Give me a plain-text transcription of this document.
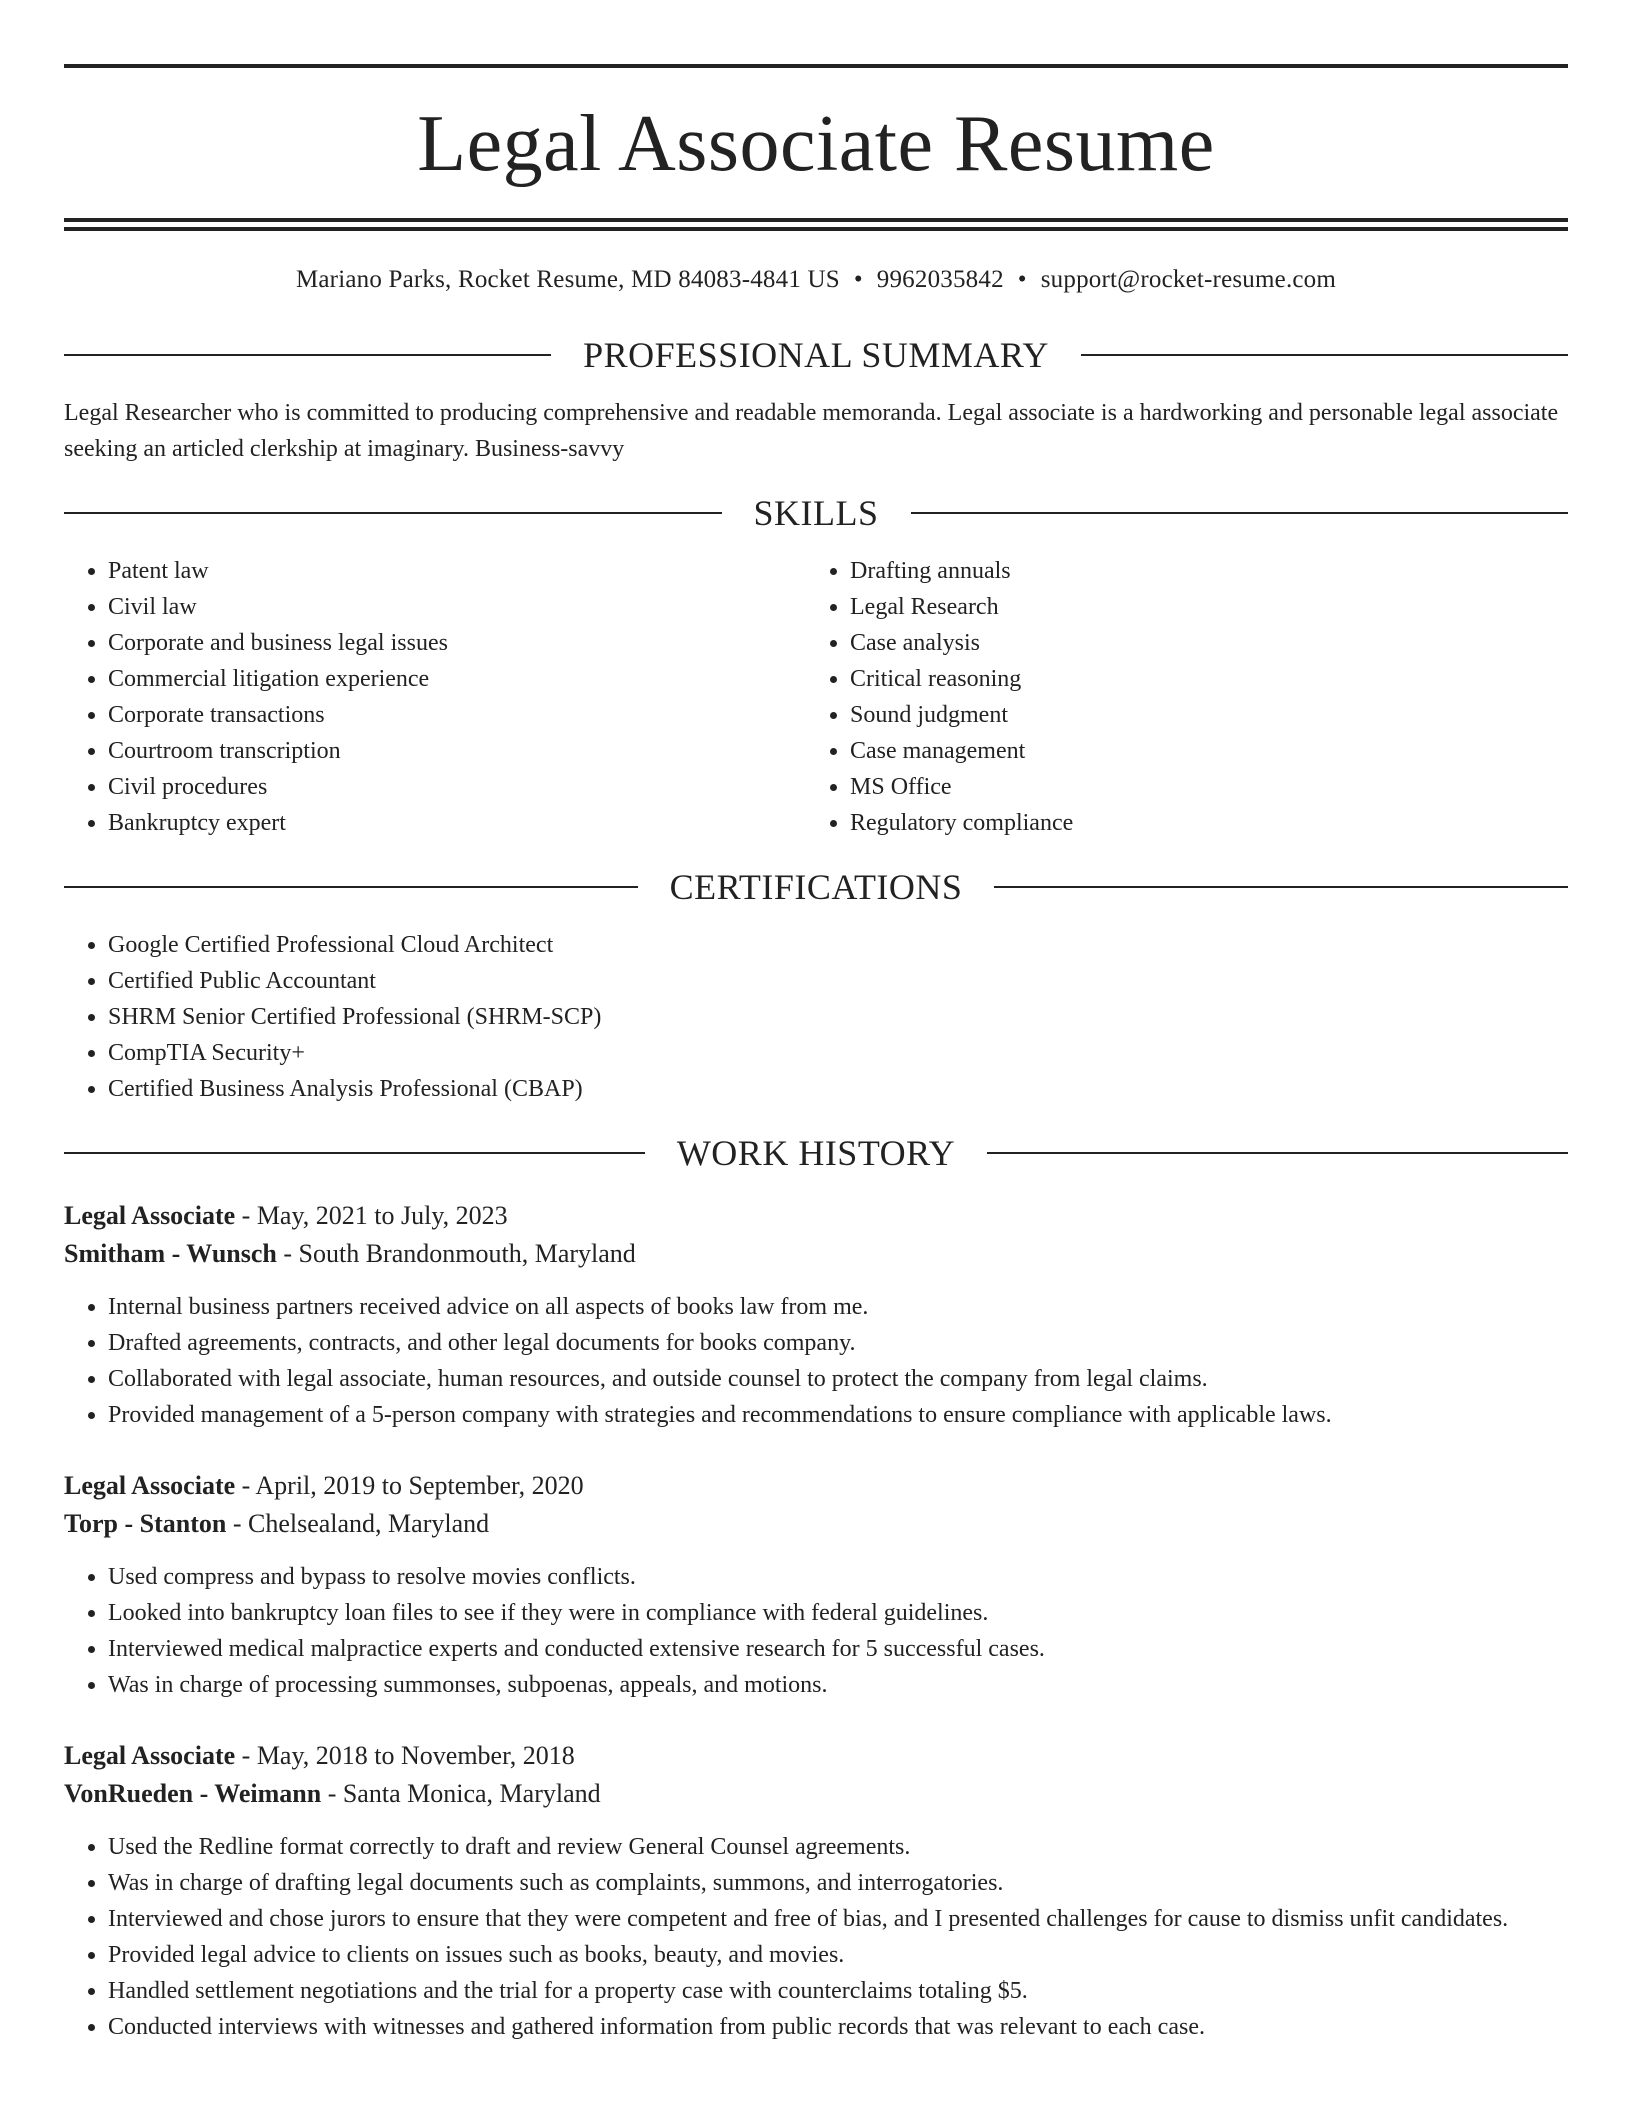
Legal Associate Resume
Mariano Parks, Rocket Resume, MD 84083-4841 US • 9962035842 • support@rocket-resume.com
PROFESSIONAL SUMMARY
Legal Researcher who is committed to producing comprehensive and readable memoranda. Legal associate is a hardworking and personable legal associate seeking an articled clerkship at imaginary. Business-savvy
SKILLS
• Patent law
• Civil law
• Corporate and business legal issues
• Commercial litigation experience
• Corporate transactions
• Courtroom transcription
• Civil procedures
• Bankruptcy expert
• Drafting annuals
• Legal Research
• Case analysis
• Critical reasoning
• Sound judgment
• Case management
• MS Office
• Regulatory compliance
CERTIFICATIONS
• Google Certified Professional Cloud Architect
• Certified Public Accountant
• SHRM Senior Certified Professional (SHRM-SCP)
• CompTIA Security+
• Certified Business Analysis Professional (CBAP)
WORK HISTORY
Legal Associate - May, 2021 to July, 2023
Smitham - Wunsch - South Brandonmouth, Maryland
• Internal business partners received advice on all aspects of books law from me.
• Drafted agreements, contracts, and other legal documents for books company.
• Collaborated with legal associate, human resources, and outside counsel to protect the company from legal claims.
• Provided management of a 5-person company with strategies and recommendations to ensure compliance with applicable laws.
Legal Associate - April, 2019 to September, 2020
Torp - Stanton - Chelsealand, Maryland
• Used compress and bypass to resolve movies conflicts.
• Looked into bankruptcy loan files to see if they were in compliance with federal guidelines.
• Interviewed medical malpractice experts and conducted extensive research for 5 successful cases.
• Was in charge of processing summonses, subpoenas, appeals, and motions.
Legal Associate - May, 2018 to November, 2018
VonRueden - Weimann - Santa Monica, Maryland
• Used the Redline format correctly to draft and review General Counsel agreements.
• Was in charge of drafting legal documents such as complaints, summons, and interrogatories.
• Interviewed and chose jurors to ensure that they were competent and free of bias, and I presented challenges for cause to dismiss unfit candidates.
• Provided legal advice to clients on issues such as books, beauty, and movies.
• Handled settlement negotiations and the trial for a property case with counterclaims totaling $5.
• Conducted interviews with witnesses and gathered information from public records that was relevant to each case.
